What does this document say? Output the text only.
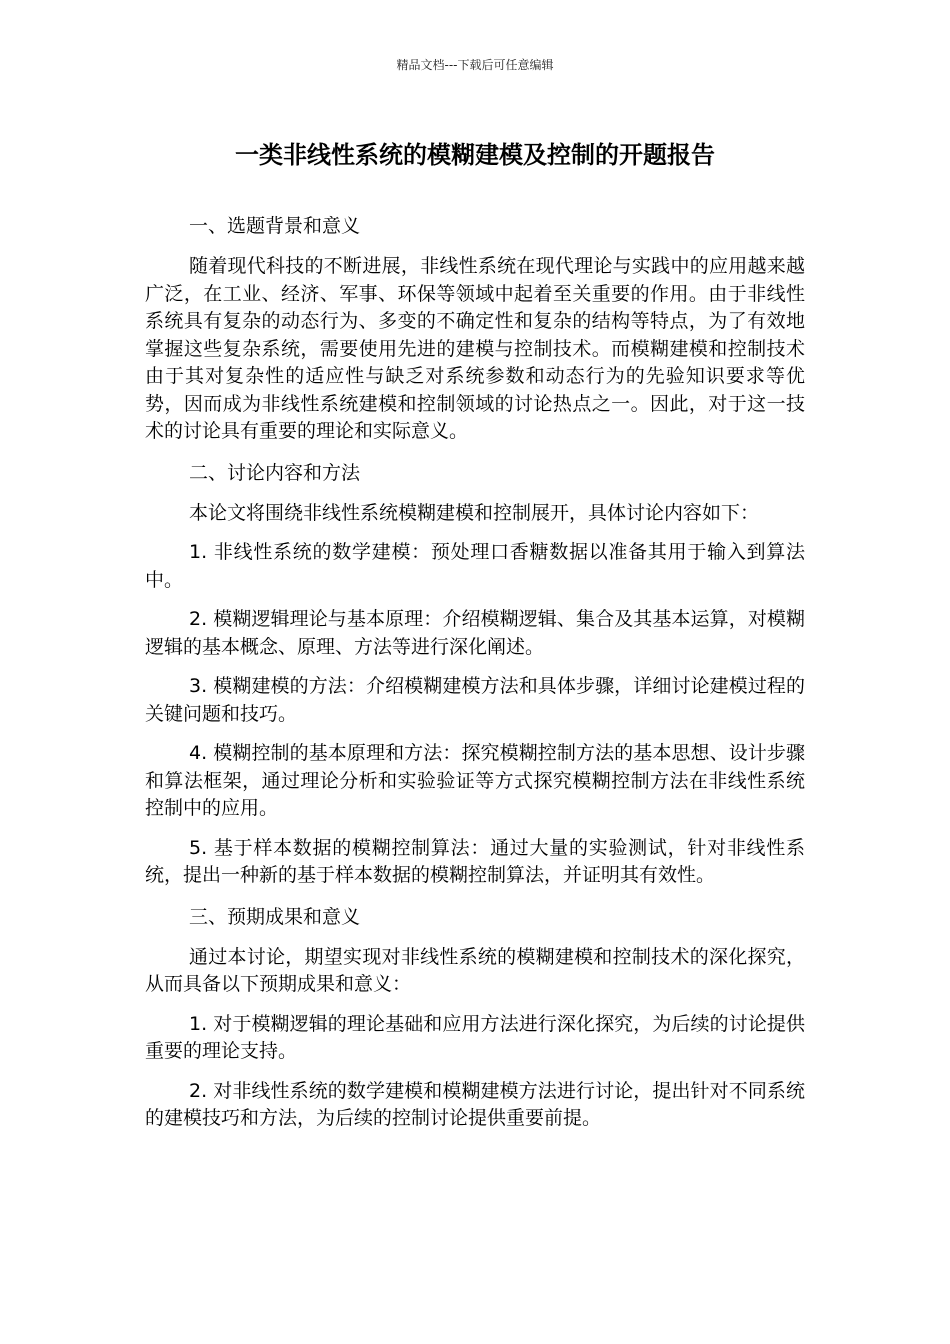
精品文档---下载后可任意编辑
一类非线性系统的模糊建模及控制的开题报告

一、选题背景和意义

随着现代科技的不断进展，非线性系统在现代理论与实践中的应用越来越广泛，在工业、经济、军事、环保等领域中起着至关重要的作用。由于非线性系统具有复杂的动态行为、多变的不确定性和复杂的结构等特点，为了有效地掌握这些复杂系统，需要使用先进的建模与控制技术。而模糊建模和控制技术由于其对复杂性的适应性与缺乏对系统参数和动态行为的先验知识要求等优势，因而成为非线性系统建模和控制领域的讨论热点之一。因此，对于这一技术的讨论具有重要的理论和实际意义。

二、讨论内容和方法

本论文将围绕非线性系统模糊建模和控制展开，具体讨论内容如下：

1. 非线性系统的数学建模：预处理口香糖数据以准备其用于输入到算法中。

2. 模糊逻辑理论与基本原理：介绍模糊逻辑、集合及其基本运算，对模糊逻辑的基本概念、原理、方法等进行深化阐述。

3. 模糊建模的方法：介绍模糊建模方法和具体步骤，详细讨论建模过程的关键问题和技巧。

4. 模糊控制的基本原理和方法：探究模糊控制方法的基本思想、设计步骤和算法框架，通过理论分析和实验验证等方式探究模糊控制方法在非线性系统控制中的应用。

5. 基于样本数据的模糊控制算法：通过大量的实验测试，针对非线性系统，提出一种新的基于样本数据的模糊控制算法，并证明其有效性。

三、预期成果和意义

通过本讨论，期望实现对非线性系统的模糊建模和控制技术的深化探究，从而具备以下预期成果和意义：

1. 对于模糊逻辑的理论基础和应用方法进行深化探究，为后续的讨论提供重要的理论支持。

2. 对非线性系统的数学建模和模糊建模方法进行讨论，提出针对不同系统的建模技巧和方法，为后续的控制讨论提供重要前提。
